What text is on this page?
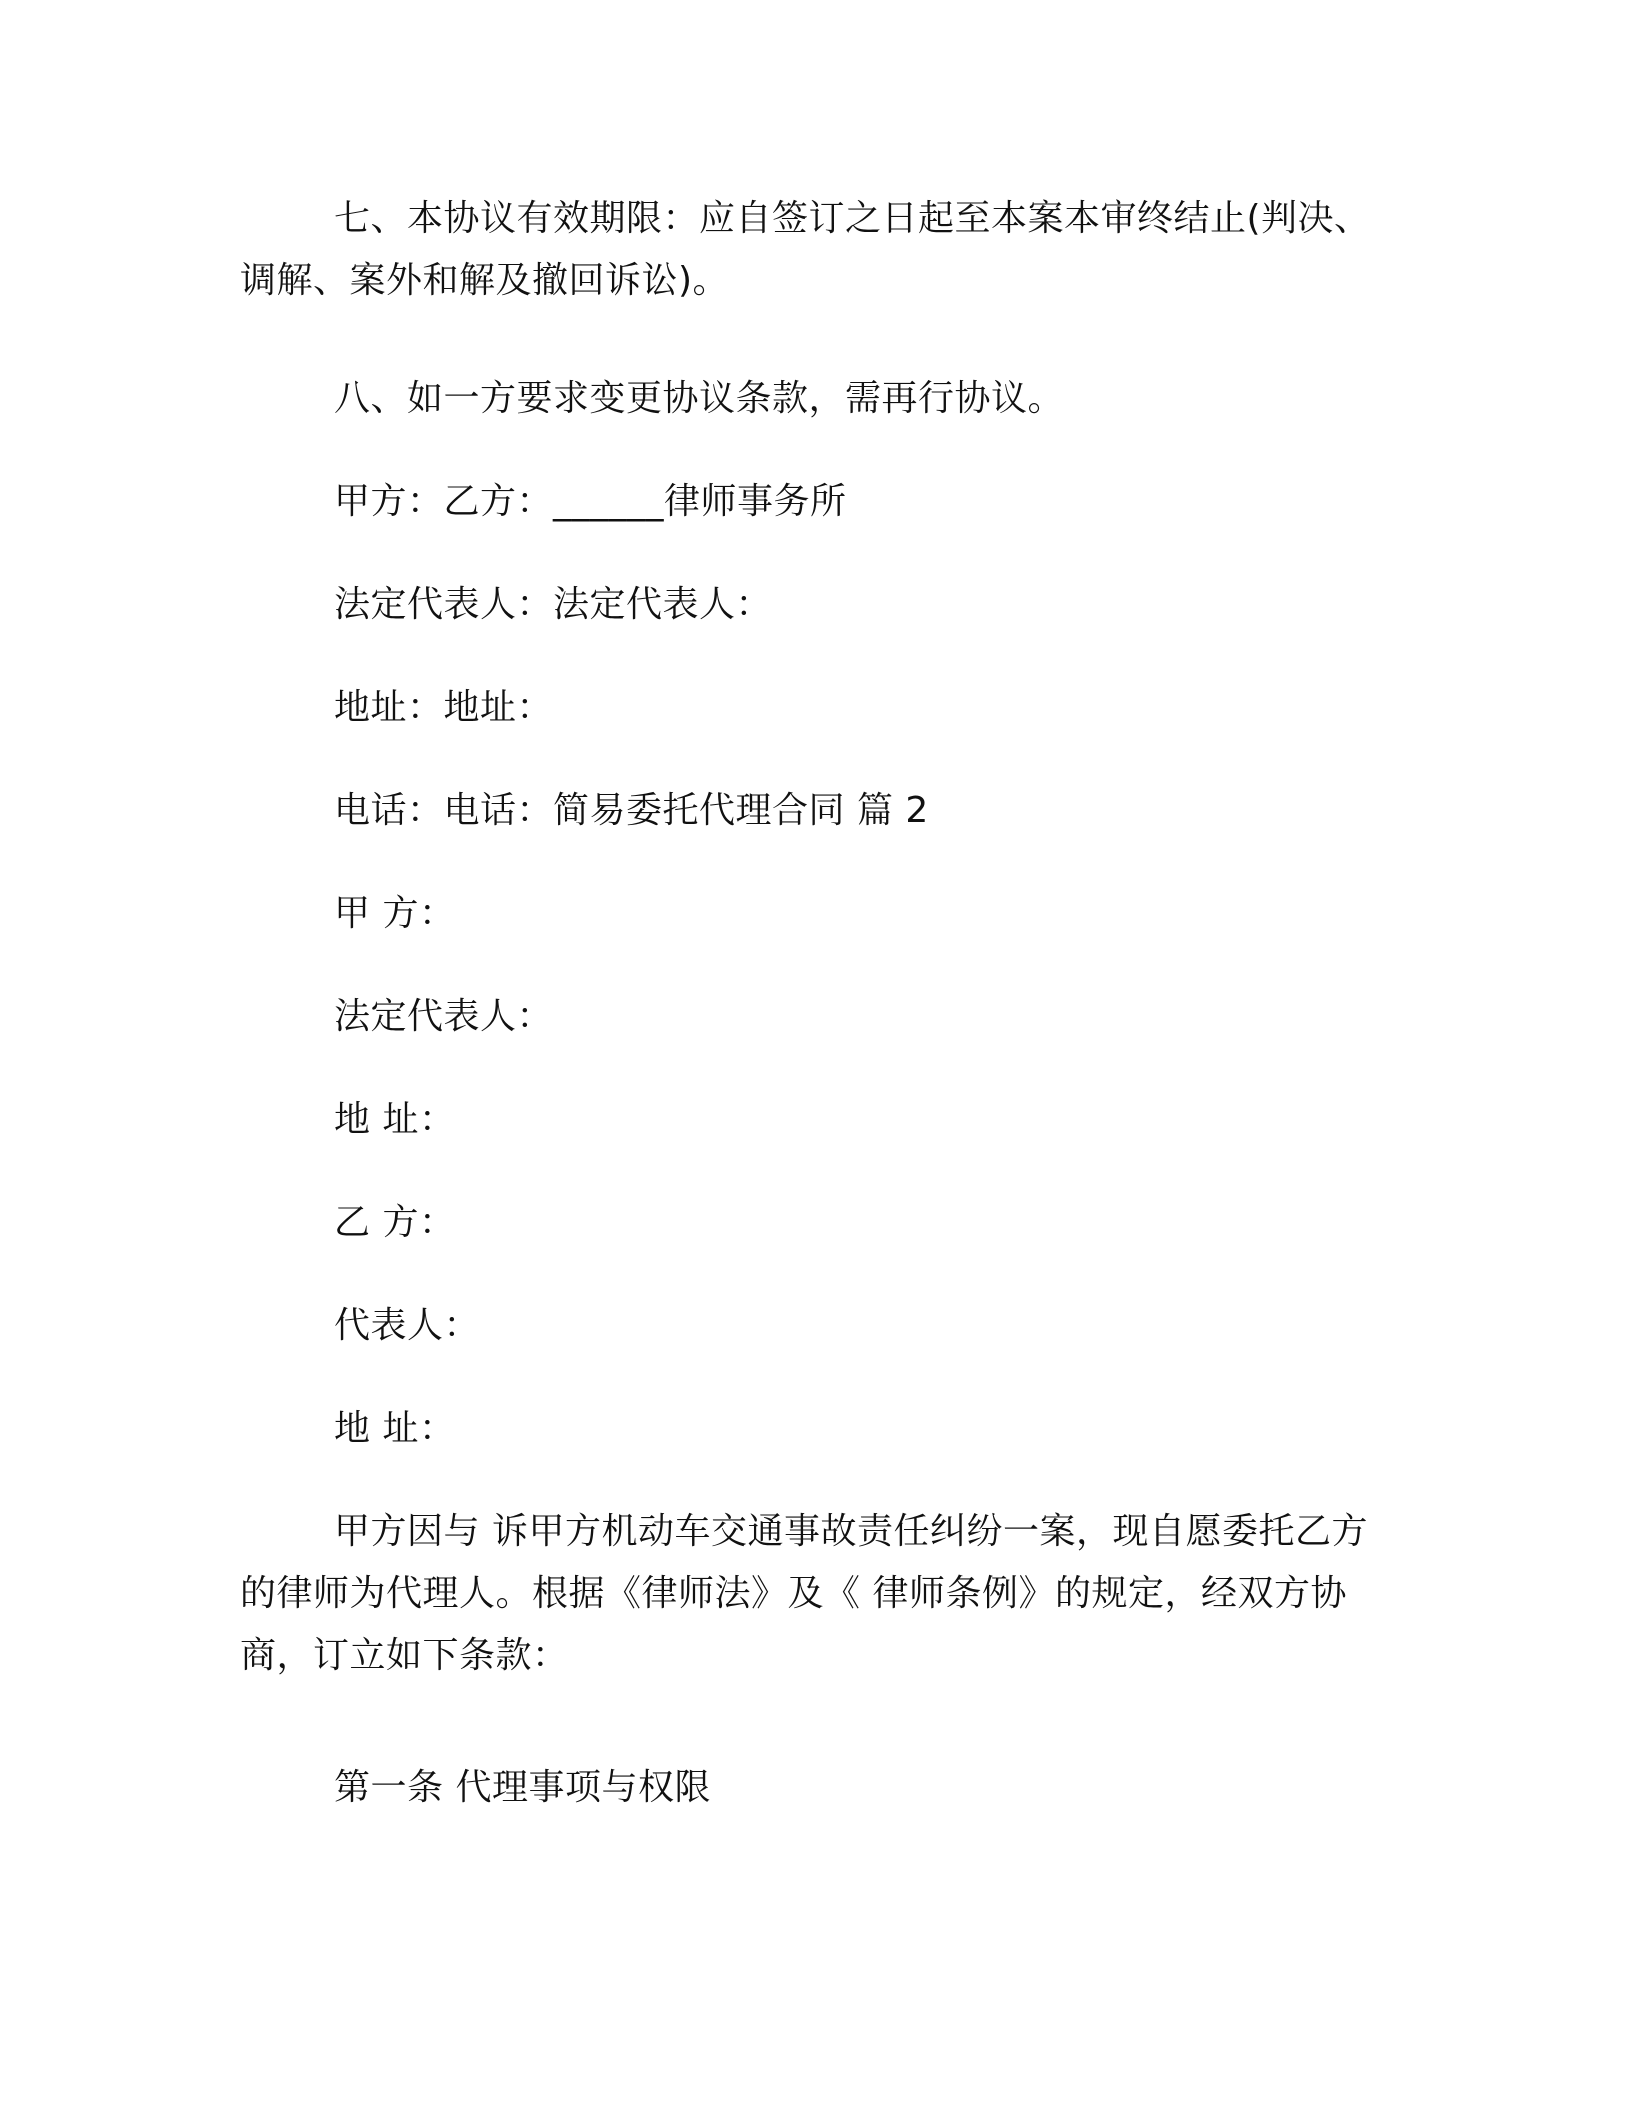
七、本协议有效期限：应自签订之日起至本案本审终结止(判决、调解、案外和解及撤回诉讼)。
八、如一方要求变更协议条款，需再行协议。
甲方：乙方：______律师事务所
法定代表人：法定代表人：
地址：地址：
电话：电话：简易委托代理合同 篇 2
甲 方：
法定代表人：
地 址：
乙 方：
代表人：
地 址：
甲方因与 诉甲方机动车交通事故责任纠纷一案，现自愿委托乙方的律师为代理人。根据《律师法》及《 律师条例》的规定，经双方协商，订立如下条款：
第一条 代理事项与权限
